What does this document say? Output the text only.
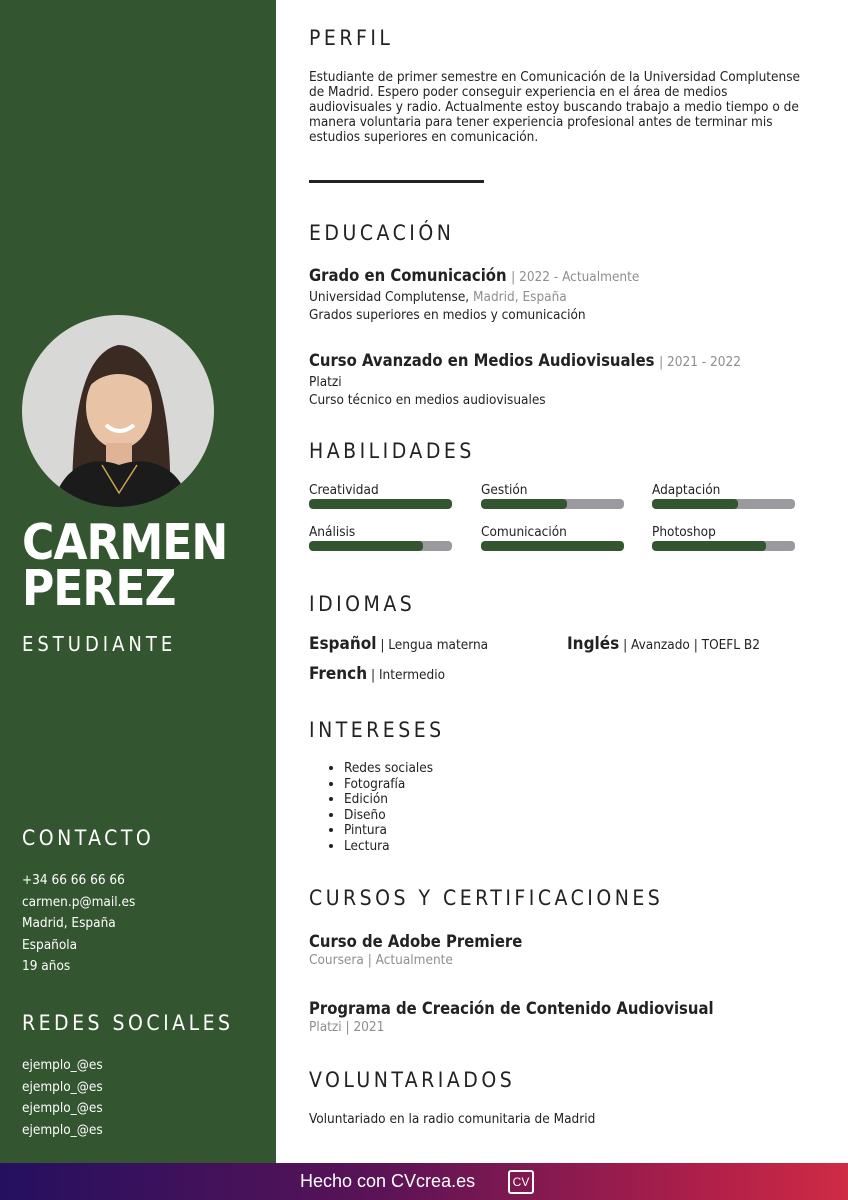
CARMEN
PEREZ
ESTUDIANTE
CONTACTO
+34 66 66 66 66
carmen.p@mail.es
Madrid, España
Española
19 años
REDES SOCIALES
ejemplo_@es
ejemplo_@es
ejemplo_@es
ejemplo_@es
PERFIL
Estudiante de primer semestre en Comunicación de la Universidad Complutense de Madrid. Espero poder conseguir experiencia en el área de medios audiovisuales y radio. Actualmente estoy buscando trabajo a medio tiempo o de manera voluntaria para tener experiencia profesional antes de terminar mis estudios superiores en comunicación.
EDUCACIÓN
Grado en Comunicación | 2022 - Actualmente
Universidad Complutense, Madrid, España
Grados superiores en medios y comunicación
Curso Avanzado en Medios Audiovisuales | 2021 - 2022
Platzi
Curso técnico en medios audiovisuales
HABILIDADES
Creatividad	Gestión	Adaptación
Análisis	Comunicación	Photoshop
IDIOMAS
Español | Lengua materna	Inglés | Avanzado | TOEFL B2
French | Intermedio
INTERESES
• Redes sociales
• Fotografía
• Edición
• Diseño
• Pintura
• Lectura
CURSOS Y CERTIFICACIONES
Curso de Adobe Premiere
Coursera | Actualmente
Programa de Creación de Contenido Audiovisual
Platzi | 2021
VOLUNTARIADOS
Voluntariado en la radio comunitaria de Madrid
Hecho con CVcrea.es	CV
